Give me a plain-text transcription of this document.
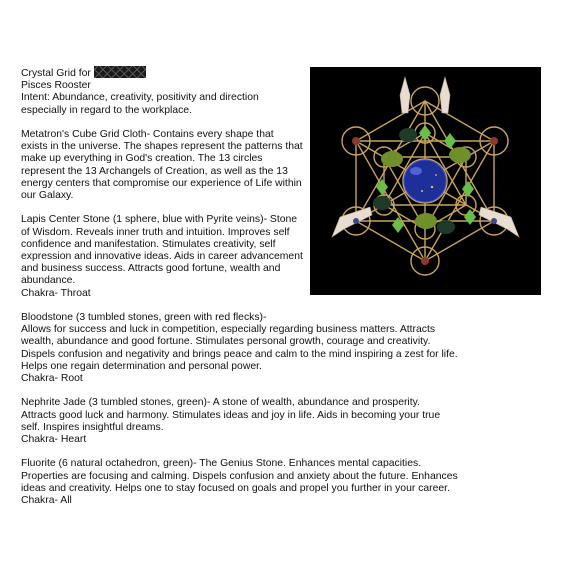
Crystal Grid for
Pisces Rooster
Intent: Abundance, creativity, positivity and direction especially in regard to the workplace.

Metatron's Cube Grid Cloth- Contains every shape that exists in the universe. The shapes represent the patterns that make up everything in God's creation. The 13 circles represent the 13 Archangels of Creation, as well as the 13 energy centers that compromise our experience of Life within our Galaxy.

Lapis Center Stone (1 sphere, blue with Pyrite veins)- Stone of Wisdom. Reveals inner truth and intuition. Improves self confidence and manifestation. Stimulates creativity, self expression and innovative ideas. Aids in career advancement and business success. Attracts good fortune, wealth and abundance.
Chakra- Throat

Bloodstone (3 tumbled stones, green with red flecks)-
Allows for success and luck in competition, especially regarding business matters. Attracts
wealth, abundance and good fortune. Stimulates personal growth, courage and creativity.
Dispels confusion and negativity and brings peace and calm to the mind inspiring a zest for life.
Helps one regain determination and personal power.
Chakra- Root

Nephrite Jade (3 tumbled stones, green)- A stone of wealth, abundance and prosperity.
Attracts good luck and harmony. Stimulates ideas and joy in life. Aids in becoming your true
self. Inspires insightful dreams.
Chakra- Heart

Fluorite (6 natural octahedron, green)- The Genius Stone. Enhances mental capacities.
Properties are focusing and calming. Dispels confusion and anxiety about the future. Enhances
ideas and creativity. Helps one to stay focused on goals and propel you further in your career.
Chakra- All
